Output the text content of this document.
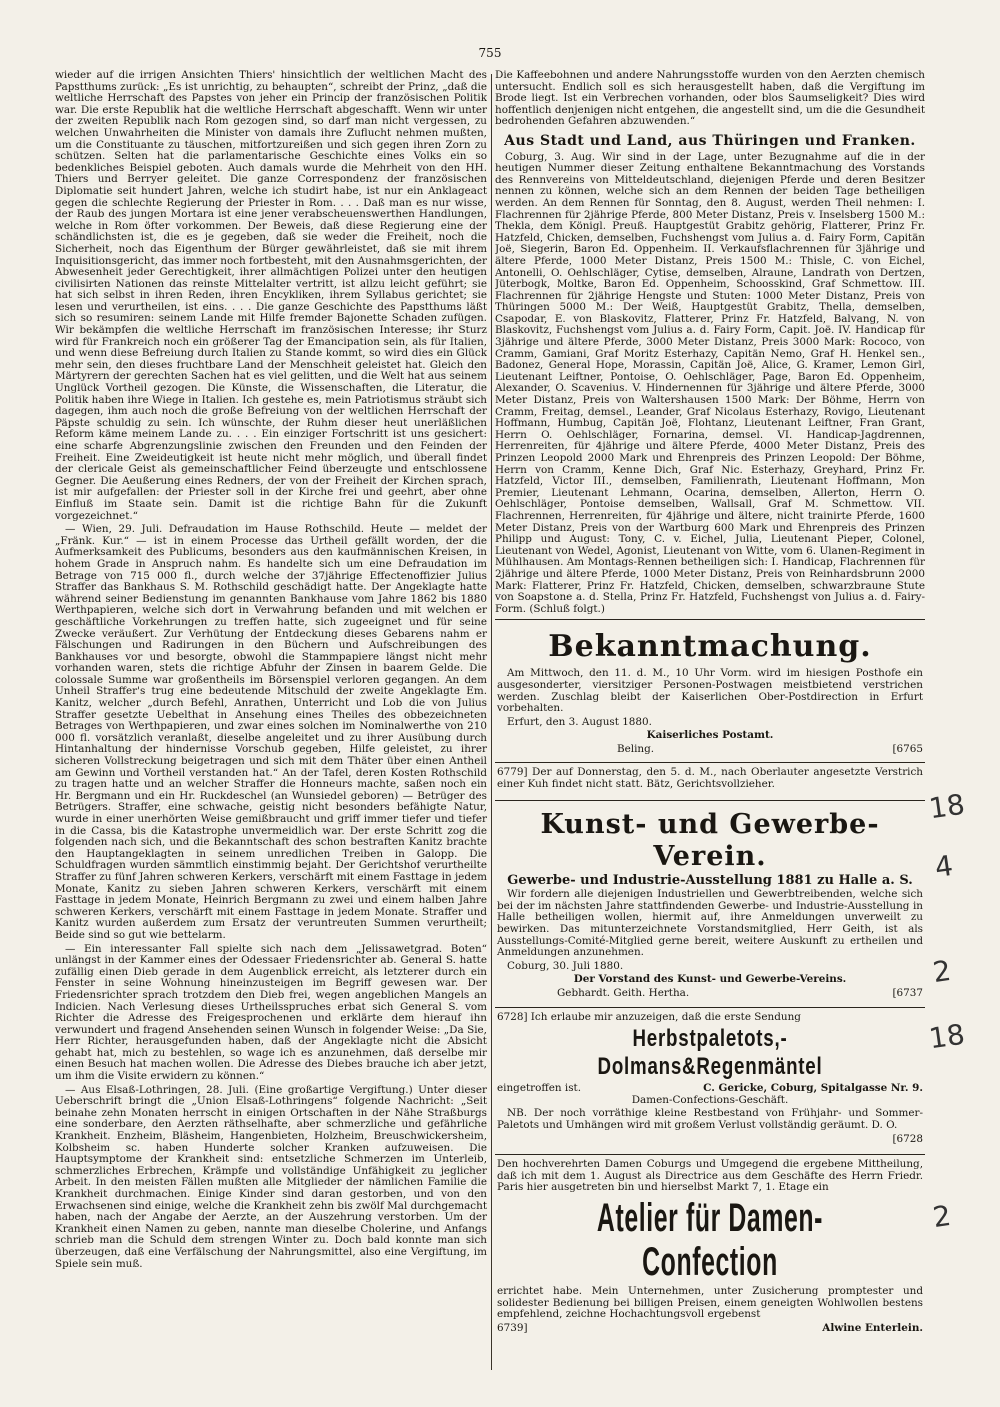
755

wieder auf die irrigen Ansichten Thiers' hinsichtlich der weltlichen Macht des Papstthums zurück: „Es ist unrichtig, zu behaupten“, schreibt der Prinz, „daß die weltliche Herrschaft des Papstes von jeher ein Princip der französischen Politik war. Die erste Republik hat die weltliche Herrschaft abgeschafft. Wenn wir unter der zweiten Republik nach Rom gezogen sind, so darf man nicht vergessen, zu welchen Unwahrheiten die Minister von damals ihre Zuflucht nehmen mußten, um die Constituante zu täuschen, mitfortzureißen und sich gegen ihren Zorn zu schützen. Selten hat die parlamentarische Geschichte eines Volks ein so bedenkliches Beispiel geboten. Auch damals wurde die Mehrheit von den HH. Thiers und Berryer geleitet. Die ganze Correspondenz der französischen Diplomatie seit hundert Jahren, welche ich studirt habe, ist nur ein Anklageact gegen die schlechte Regierung der Priester in Rom. . . . Daß man es nur wisse, der Raub des jungen Mortara ist eine jener verabscheuenswerthen Handlungen, welche in Rom öfter vorkommen. Der Beweis, daß diese Regierung eine der schändlichsten ist, die es je gegeben, daß sie weder die Freiheit, noch die Sicherheit, noch das Eigenthum der Bürger gewährleistet, daß sie mit ihrem Inquisitionsgericht, das immer noch fortbesteht, mit den Ausnahmsgerichten, der Abwesenheit jeder Gerechtigkeit, ihrer allmächtigen Polizei unter den heutigen civilisirten Nationen das reinste Mittelalter vertritt, ist allzu leicht geführt; sie hat sich selbst in ihren Reden, ihren Encykliken, ihrem Syllabus gerichtet; sie lesen und verurtheilen, ist eins. . . . Die ganze Geschichte des Papstthums läßt sich so resumiren: seinem Lande mit Hilfe fremder Bajonette Schaden zufügen. Wir bekämpfen die weltliche Herrschaft im französischen Interesse; ihr Sturz wird für Frankreich noch ein größerer Tag der Emancipation sein, als für Italien, und wenn diese Befreiung durch Italien zu Stande kommt, so wird dies ein Glück mehr sein, den dieses fruchtbare Land der Menschheit geleistet hat. Gleich den Märtyrern der gerechten Sachen hat es viel gelitten, und die Welt hat aus seinem Unglück Vortheil gezogen. Die Künste, die Wissenschaften, die Literatur, die Politik haben ihre Wiege in Italien. Ich gestehe es, mein Patriotismus sträubt sich dagegen, ihm auch noch die große Befreiung von der weltlichen Herrschaft der Päpste schuldig zu sein. Ich wünschte, der Ruhm dieser heut unerläßlichen Reform käme meinem Lande zu. . . . Ein einziger Fortschritt ist uns gesichert: eine scharfe Abgrenzungslinie zwischen den Freunden und den Feinden der Freiheit. Eine Zweideutigkeit ist heute nicht mehr möglich, und überall findet der clericale Geist als gemeinschaftlicher Feind überzeugte und entschlossene Gegner. Die Aeußerung eines Redners, der von der Freiheit der Kirchen sprach, ist mir aufgefallen: der Priester soll in der Kirche frei und geehrt, aber ohne Einfluß im Staate sein. Damit ist die richtige Bahn für die Zukunft vorgezeichnet.“

— Wien, 29. Juli. Defraudation im Hause Rothschild. Heute — meldet der „Fränk. Kur.“ — ist in einem Processe das Urtheil gefällt worden, der die Aufmerksamkeit des Publicums, besonders aus den kaufmännischen Kreisen, in hohem Grade in Anspruch nahm. Es handelte sich um eine Defraudation im Betrage von 715 000 fl., durch welche der 37jährige Effectenoffizier Julius Straffer das Bankhaus S. M. Rothschild geschädigt hatte. Der Angeklagte hatte während seiner Bedienstung im genannten Bankhause vom Jahre 1862 bis 1880 Werthpapieren, welche sich dort in Verwahrung befanden und mit welchen er geschäftliche Vorkehrungen zu treffen hatte, sich zugeeignet und für seine Zwecke veräußert. Zur Verhütung der Entdeckung dieses Gebarens nahm er Fälschungen und Radirungen in den Büchern und Aufschreibungen des Bankhauses vor und besorgte, obwohl die Stammpapiere längst nicht mehr vorhanden waren, stets die richtige Abfuhr der Zinsen in baarem Gelde. Die colossale Summe war großentheils im Börsenspiel verloren gegangen. An dem Unheil Straffer's trug eine bedeutende Mitschuld der zweite Angeklagte Em. Kanitz, welcher „durch Befehl, Anrathen, Unterricht und Lob die von Julius Straffer gesetzte Uebelthat in Ansehung eines Theiles des obbezeichneten Betrages von Werthpapieren, und zwar eines solchen im Nominalwerthe von 210 000 fl. vorsätzlich veranlaßt, dieselbe angeleitet und zu ihrer Ausübung durch Hintanhaltung der hindernisse Vorschub gegeben, Hilfe geleistet, zu ihrer sicheren Vollstreckung beigetragen und sich mit dem Thäter über einen Antheil am Gewinn und Vortheil verstanden hat.“ An der Tafel, deren Kosten Rothschild zu tragen hatte und an welcher Straffer die Honneurs machte, saßen noch ein Hr. Bergmann und ein Hr. Ruckdeschel (an Wunsiedel geboren) — Betrüger des Betrügers. Straffer, eine schwache, geistig nicht besonders befähigte Natur, wurde in einer unerhörten Weise gemißbraucht und griff immer tiefer und tiefer in die Cassa, bis die Katastrophe unvermeidlich war. Der erste Schritt zog die folgenden nach sich, und die Bekanntschaft des schon bestraften Kanitz brachte den Hauptangeklagten in seinem unredlichen Treiben in Galopp. Die Schuldfragen wurden sämmtlich einstimmig bejaht. Der Gerichtshof verurtheilte Straffer zu fünf Jahren schweren Kerkers, verschärft mit einem Fasttage in jedem Monate, Kanitz zu sieben Jahren schweren Kerkers, verschärft mit einem Fasttage in jedem Monate, Heinrich Bergmann zu zwei und einem halben Jahre schweren Kerkers, verschärft mit einem Fasttage in jedem Monate. Straffer und Kanitz wurden außerdem zum Ersatz der veruntreuten Summen verurtheilt; Beide sind so gut wie bettelarm.

— Ein interessanter Fall spielte sich nach dem „Jelissawetgrad. Boten“ unlängst in der Kammer eines der Odessaer Friedensrichter ab. General S. hatte zufällig einen Dieb gerade in dem Augenblick erreicht, als letzterer durch ein Fenster in seine Wohnung hineinzusteigen im Begriff gewesen war. Der Friedensrichter sprach trotzdem den Dieb frei, wegen angeblichen Mangels an Indicien. Nach Verlesung dieses Urtheilsspruches erbat sich General S. vom Richter die Adresse des Freigesprochenen und erklärte dem hierauf ihn verwundert und fragend Ansehenden seinen Wunsch in folgender Weise: „Da Sie, Herr Richter, herausgefunden haben, daß der Angeklagte nicht die Absicht gehabt hat, mich zu bestehlen, so wage ich es anzunehmen, daß derselbe mir einen Besuch hat machen wollen. Die Adresse des Diebes brauche ich aber jetzt, um ihm die Visite erwidern zu können.“

— Aus Elsaß-Lothringen, 28. Juli. (Eine großartige Vergiftung.) Unter dieser Ueberschrift bringt die „Union Elsaß-Lothringens“ folgende Nachricht: „Seit beinahe zehn Monaten herrscht in einigen Ortschaften in der Nähe Straßburgs eine sonderbare, den Aerzten räthselhafte, aber schmerzliche und gefährliche Krankheit. Enzheim, Bläsheim, Hangenbieten, Holzheim, Breuschwickersheim, Kolbsheim sc. haben Hunderte solcher Kranken aufzuweisen. Die Hauptsymptome der Krankheit sind: entsetzliche Schmerzen im Unterleib, schmerzliches Erbrechen, Krämpfe und vollständige Unfähigkeit zu jeglicher Arbeit. In den meisten Fällen mußten alle Mitglieder der nämlichen Familie die Krankheit durchmachen. Einige Kinder sind daran gestorben, und von den Erwachsenen sind einige, welche die Krankheit zehn bis zwölf Mal durchgemacht haben, nach der Angabe der Aerzte, an der Auszehrung verstorben. Um der Krankheit einen Namen zu geben, nannte man dieselbe Cholerine, und Anfangs schrieb man die Schuld dem strengen Winter zu. Doch bald konnte man sich überzeugen, daß eine Verfälschung der Nahrungsmittel, also eine Vergiftung, im Spiele sein muß.

Die Kaffeebohnen und andere Nahrungsstoffe wurden von den Aerzten chemisch untersucht. Endlich soll es sich herausgestellt haben, daß die Vergiftung im Brode liegt. Ist ein Verbrechen vorhanden, oder blos Saumseligkeit? Dies wird hoffentlich denjenigen nicht entgehen, die angestellt sind, um die die Gesundheit bedrohenden Gefahren abzuwenden.“

Aus Stadt und Land, aus Thüringen und Franken.

Coburg, 3. Aug. Wir sind in der Lage, unter Bezugnahme auf die in der heutigen Nummer dieser Zeitung enthaltene Bekanntmachung des Vorstands des Rennvereins von Mitteldeutschland, diejenigen Pferde und deren Besitzer nennen zu können, welche sich an dem Rennen der beiden Tage betheiligen werden. An dem Rennen für Sonntag, den 8. August, werden Theil nehmen: I. Flachrennen für 2jährige Pferde, 800 Meter Distanz, Preis v. Inselsberg 1500 M.: Thekla, dem Königl. Preuß. Hauptgestüt Grabitz gehörig, Flatterer, Prinz Fr. Hatzfeld, Chicken, demselben, Fuchshengst vom Julius a. d. Fairy Form, Capitän Joë, Siegerin, Baron Ed. Oppenheim. II. Verkaufsflachrennen für 3jährige und ältere Pferde, 1000 Meter Distanz, Preis 1500 M.: Thisle, C. von Eichel, Antonelli, O. Oehlschläger, Cytise, demselben, Alraune, Landrath von Dertzen, Jüterbogk, Moltke, Baron Ed. Oppenheim, Schoosskind, Graf Schmettow. III. Flachrennen für 2jährige Hengste und Stuten: 1000 Meter Distanz, Preis von Thüringen 5000 M.: Der Weiß, Hauptgestüt Grabitz, Thella, demselben, Csapodar, E. von Blaskovitz, Flatterer, Prinz Fr. Hatzfeld, Balvang, N. von Blaskovitz, Fuchshengst vom Julius a. d. Fairy Form, Capit. Joë. IV. Handicap für 3jährige und ältere Pferde, 3000 Meter Distanz, Preis 3000 Mark: Rococo, von Cramm, Gamiani, Graf Moritz Esterhazy, Capitän Nemo, Graf H. Henkel sen., Badonez, General Hope, Morassin, Capitän Joë, Alice, G. Kramer, Lemon Girl, Lieutenant Leiftner, Pontoise, O. Oehlschläger, Page, Baron Ed. Oppenheim, Alexander, O. Scavenius. V. Hindernennen für 3jährige und ältere Pferde, 3000 Meter Distanz, Preis von Waltershausen 1500 Mark: Der Böhme, Herrn von Cramm, Freitag, demsel., Leander, Graf Nicolaus Esterhazy, Rovigo, Lieutenant Hoffmann, Humbug, Capitän Joë, Flohtanz, Lieutenant Leiftner, Fran Grant, Herrn O. Oehlschläger, Fornarina, demsel. VI. Handicap-Jagdrennen, Herrenreiten, für 4jährige und ältere Pferde, 4000 Meter Distanz, Preis des Prinzen Leopold 2000 Mark und Ehrenpreis des Prinzen Leopold: Der Böhme, Herrn von Cramm, Kenne Dich, Graf Nic. Esterhazy, Greyhard, Prinz Fr. Hatzfeld, Victor III., demselben, Familienrath, Lieutenant Hoffmann, Mon Premier, Lieutenant Lehmann, Ocarina, demselben, Allerton, Herrn O. Oehlschläger, Pontoise demselben, Wallsall, Graf M. Schmettow. VII. Flachrennen, Herrenreiten, für 4jährige und ältere, nicht trainirte Pferde, 1600 Meter Distanz, Preis von der Wartburg 600 Mark und Ehrenpreis des Prinzen Philipp und August: Tony, C. v. Eichel, Julia, Lieutenant Pieper, Colonel, Lieutenant von Wedel, Agonist, Lieutenant von Witte, vom 6. Ulanen-Regiment in Mühlhausen. Am Montags-Rennen betheiligen sich: I. Handicap, Flachrennen für 2jährige und ältere Pferde, 1000 Meter Distanz, Preis von Reinhardsbrunn 2000 Mark: Flatterer, Prinz Fr. Hatzfeld, Chicken, demselben, schwarzbraune Stute von Soapstone a. d. Stella, Prinz Fr. Hatzfeld, Fuchshengst von Julius a. d. Fairy-Form. (Schluß folgt.)

Bekanntmachung.

Am Mittwoch, den 11. d. M., 10 Uhr Vorm. wird im hiesigen Posthofe ein ausgesonderter, viersitziger Personen-Postwagen meistbietend verstrichen werden. Zuschlag bleibt der Kaiserlichen Ober-Postdirection in Erfurt vorbehalten.

Erfurt, den 3. August 1880.

Kaiserliches Postamt.

Beling.	[6765

6779] Der auf Donnerstag, den 5. d. M., nach Oberlauter angesetzte Verstrich einer Kuh findet nicht statt. Bätz, Gerichtsvollzieher.

Kunst- und Gewerbe-Verein.
Gewerbe- und Industrie-Ausstellung 1881 zu Halle a. S.

Wir fordern alle diejenigen Industriellen und Gewerbtreibenden, welche sich bei der im nächsten Jahre stattfindenden Gewerbe- und Industrie-Ausstellung in Halle betheiligen wollen, hiermit auf, ihre Anmeldungen unverweilt zu bewirken. Das mitunterzeichnete Vorstandsmitglied, Herr Geith, ist als Ausstellungs-Comité-Mitglied gerne bereit, weitere Auskunft zu ertheilen und Anmeldungen anzunehmen.

Coburg, 30. Juli 1880.

Der Vorstand des Kunst- und Gewerbe-Vereins.

Gebhardt. Geith. Hertha.	[6737

6728] Ich erlaube mir anzuzeigen, daß die erste Sendung

Herbstpaletots,-Dolmans&Regenmäntel
eingetroffen ist.	C. Gericke, Coburg, Spitalgasse Nr. 9.

Damen-Confections-Geschäft.

NB. Der noch vorräthige kleine Restbestand von Frühjahr- und Sommer-Paletots und Umhängen wird mit großem Verlust vollständig geräumt. D. O.

[6728

Den hochverehrten Damen Coburgs und Umgegend die ergebene Mittheilung, daß ich mit dem 1. August als Directrice aus dem Geschäfte des Herrn Friedr. Paris hier ausgetreten bin und hierselbst Markt 7, 1. Etage ein

Atelier für Damen-Confection

errichtet habe. Mein Unternehmen, unter Zusicherung promptester und solidester Bedienung bei billigen Preisen, einem geneigten Wohlwollen bestens empfehlend, zeichne Hochachtungsvoll ergebenst

6739]	Alwine Enterlein.
18
4
2
18
2
